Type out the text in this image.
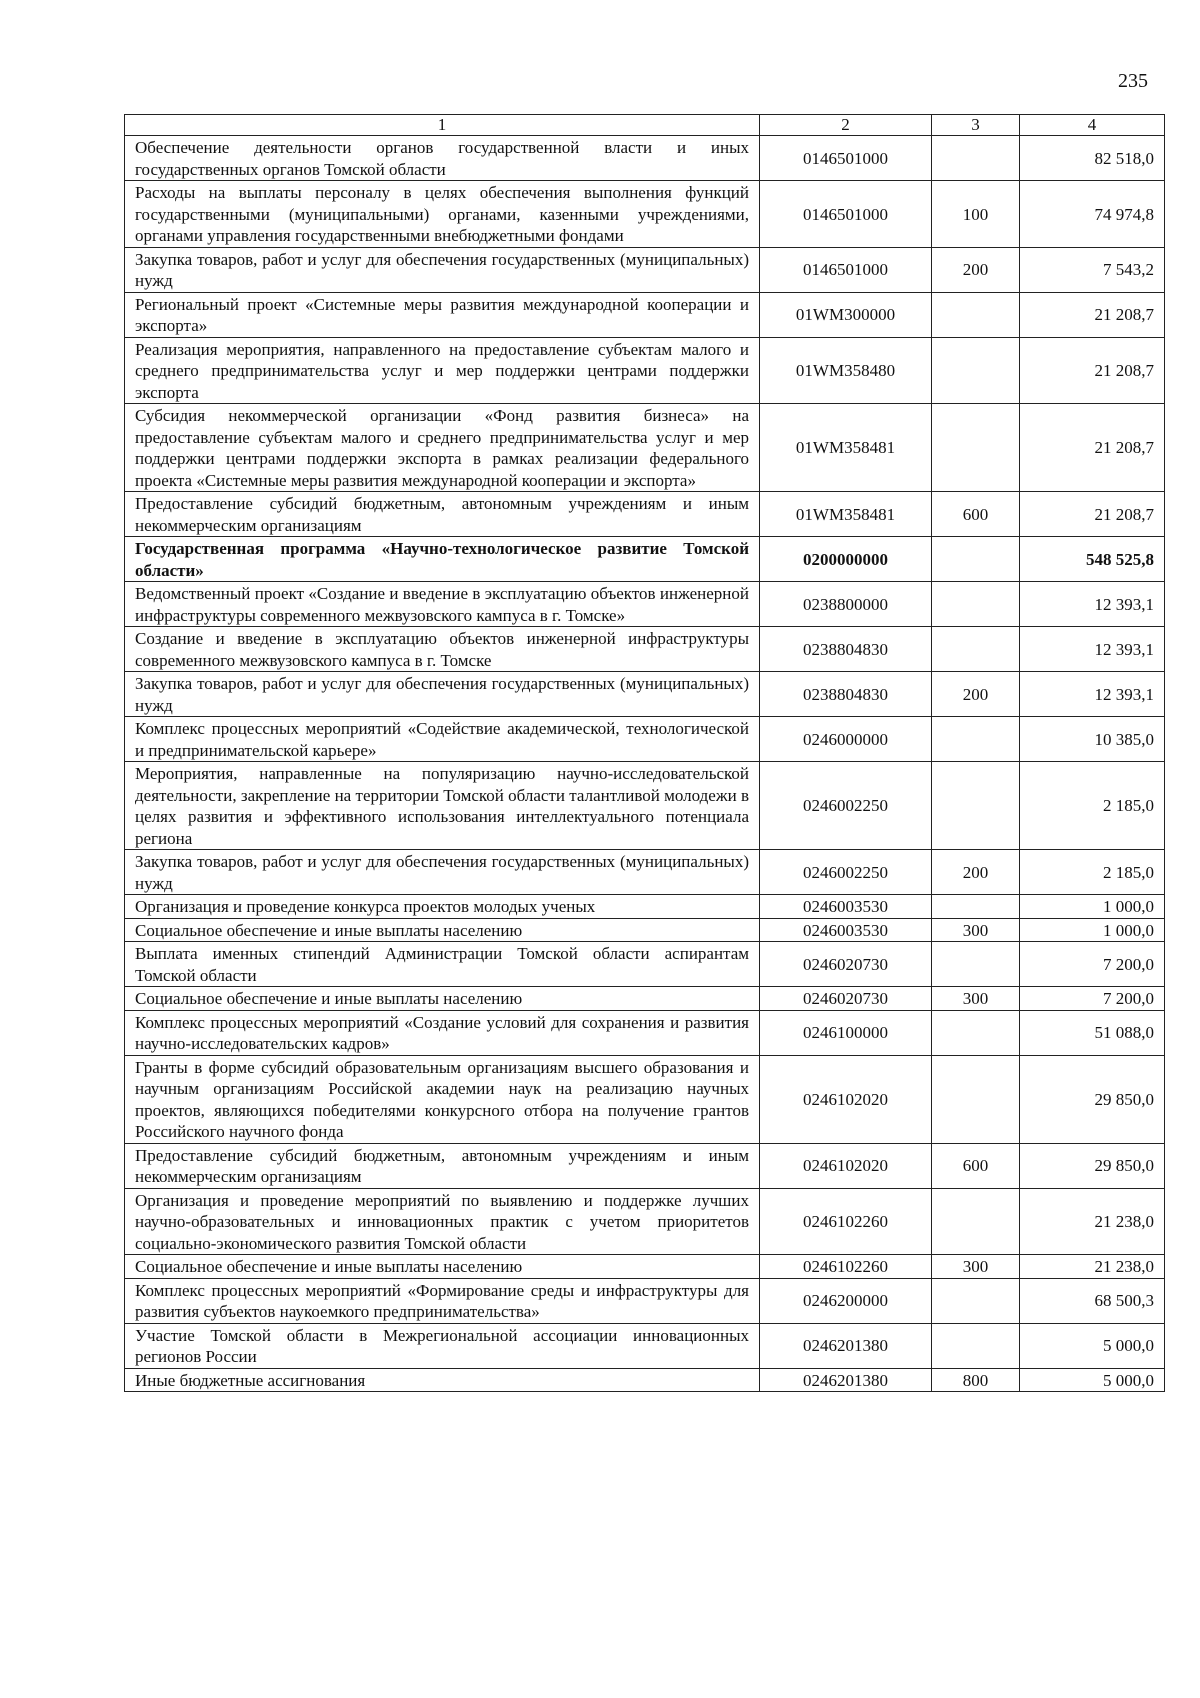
235
1	2	3	4
Обеспечение деятельности органов государственной власти и иных государственных органов Томской области	0146501000		82 518,0
Расходы на выплаты персоналу в целях обеспечения выполнения функций государственными (муниципальными) органами, казенными учреждениями, органами управления государственными внебюджетными фондами	0146501000	100	74 974,8
Закупка товаров, работ и услуг для обеспечения государственных (муниципальных) нужд	0146501000	200	7 543,2
Региональный проект «Системные меры развития международной кооперации и экспорта»	01WM300000		21 208,7
Реализация мероприятия, направленного на предоставление субъектам малого и среднего предпринимательства услуг и мер поддержки центрами поддержки экспорта	01WM358480		21 208,7
Субсидия некоммерческой организации «Фонд развития бизнеса» на предоставление субъектам малого и среднего предпринимательства услуг и мер поддержки центрами поддержки экспорта в рамках реализации федерального проекта «Системные меры развития международной кооперации и экспорта»	01WM358481		21 208,7
Предоставление субсидий бюджетным, автономным учреждениям и иным некоммерческим организациям	01WM358481	600	21 208,7
Государственная программа «Научно-технологическое развитие Томской области»	0200000000		548 525,8
Ведомственный проект «Создание и введение в эксплуатацию объектов инженерной инфраструктуры современного межвузовского кампуса в г. Томске»	0238800000		12 393,1
Создание и введение в эксплуатацию объектов инженерной инфраструктуры современного межвузовского кампуса в г. Томске	0238804830		12 393,1
Закупка товаров, работ и услуг для обеспечения государственных (муниципальных) нужд	0238804830	200	12 393,1
Комплекс процессных мероприятий «Содействие академической, технологической и предпринимательской карьере»	0246000000		10 385,0
Мероприятия, направленные на популяризацию научно-исследовательской деятельности, закрепление на территории Томской области талантливой молодежи в целях развития и эффективного использования интеллектуального потенциала региона	0246002250		2 185,0
Закупка товаров, работ и услуг для обеспечения государственных (муниципальных) нужд	0246002250	200	2 185,0
Организация и проведение конкурса проектов молодых ученых	0246003530		1 000,0
Социальное обеспечение и иные выплаты населению	0246003530	300	1 000,0
Выплата именных стипендий Администрации Томской области аспирантам Томской области	0246020730		7 200,0
Социальное обеспечение и иные выплаты населению	0246020730	300	7 200,0
Комплекс процессных мероприятий «Создание условий для сохранения и развития научно-исследовательских кадров»	0246100000		51 088,0
Гранты в форме субсидий образовательным организациям высшего образования и научным организациям Российской академии наук на реализацию научных проектов, являющихся победителями конкурсного отбора на получение грантов Российского научного фонда	0246102020		29 850,0
Предоставление субсидий бюджетным, автономным учреждениям и иным некоммерческим организациям	0246102020	600	29 850,0
Организация и проведение мероприятий по выявлению и поддержке лучших научно-образовательных и инновационных практик с учетом приоритетов социально-экономического развития Томской области	0246102260		21 238,0
Социальное обеспечение и иные выплаты населению	0246102260	300	21 238,0
Комплекс процессных мероприятий «Формирование среды и инфраструктуры для развития субъектов наукоемкого предпринимательства»	0246200000		68 500,3
Участие Томской области в Межрегиональной ассоциации инновационных регионов России	0246201380		5 000,0
Иные бюджетные ассигнования	0246201380	800	5 000,0
